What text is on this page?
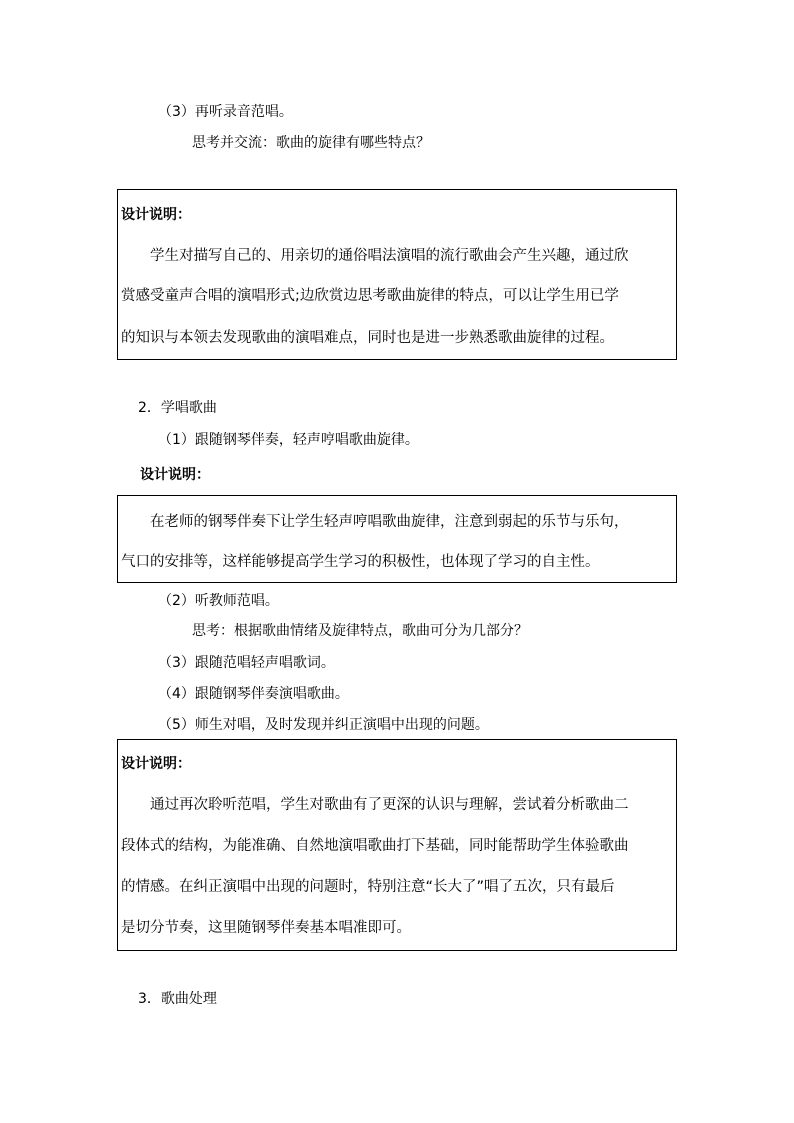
（3）再听录音范唱。
思考并交流：歌曲的旋律有哪些特点？
设计说明：
学生对描写自己的、用亲切的通俗唱法演唱的流行歌曲会产生兴趣，通过欣
赏感受童声合唱的演唱形式;边欣赏边思考歌曲旋律的特点，可以让学生用已学
的知识与本领去发现歌曲的演唱难点，同时也是进一步熟悉歌曲旋律的过程。
2．学唱歌曲
（1）跟随钢琴伴奏，轻声哼唱歌曲旋律。
设计说明：
在老师的钢琴伴奏下让学生轻声哼唱歌曲旋律，注意到弱起的乐节与乐句，
气口的安排等，这样能够提高学生学习的积极性，也体现了学习的自主性。
（2）听教师范唱。
思考：根据歌曲情绪及旋律特点，歌曲可分为几部分？
（3）跟随范唱轻声唱歌词。
（4）跟随钢琴伴奏演唱歌曲。
（5）师生对唱，及时发现并纠正演唱中出现的问题。
设计说明：
通过再次聆听范唱，学生对歌曲有了更深的认识与理解，尝试着分析歌曲二
段体式的结构，为能准确、自然地演唱歌曲打下基础，同时能帮助学生体验歌曲
的情感。在纠正演唱中出现的问题时，特别注意“长大了”唱了五次，只有最后
是切分节奏，这里随钢琴伴奏基本唱准即可。
3．歌曲处理
